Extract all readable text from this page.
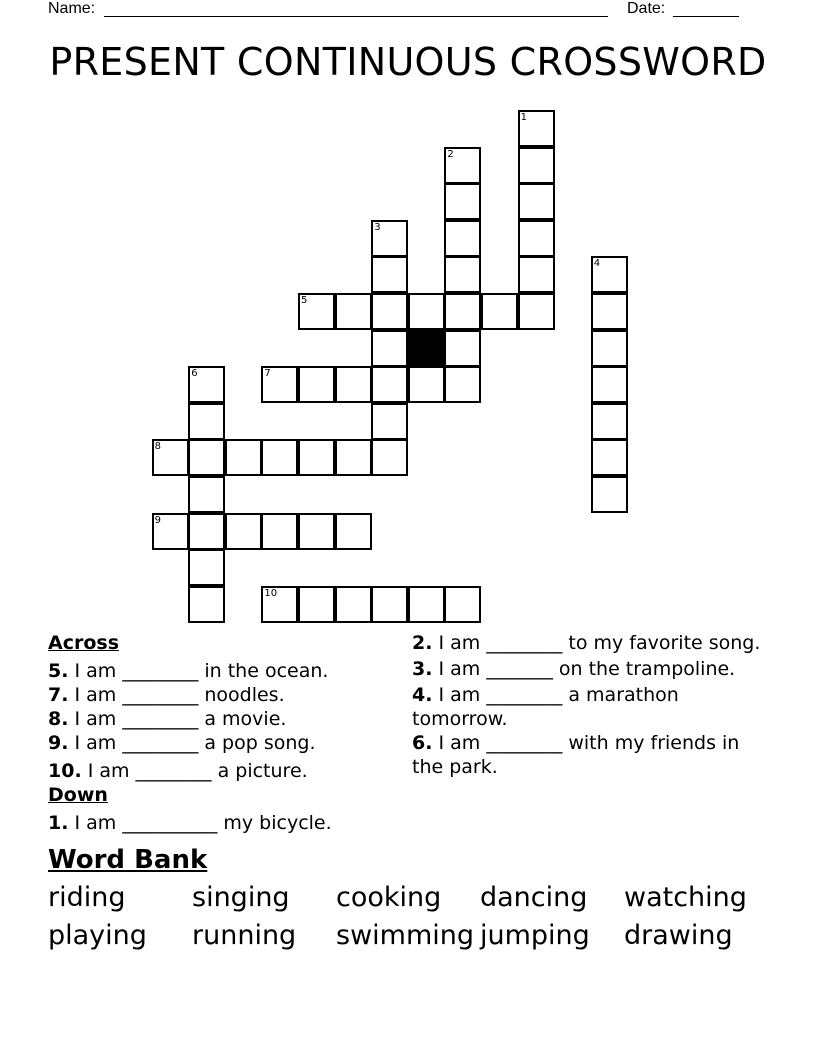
Name:	Date:
PRESENT CONTINUOUS CROSSWORD
1
2
3
4
5
6	7
8
9
10
Across
5. I am ________ in the ocean.
7. I am ________ noodles.
8. I am ________ a movie.
9. I am ________ a pop song.
10. I am ________ a picture.
Down
1. I am __________ my bicycle.
2. I am ________ to my favorite song.
3. I am _______ on the trampoline.
4. I am ________ a marathon tomorrow.
6. I am ________ with my friends in the park.
Word Bank
riding singing cooking dancing watching
playing running swimming jumping drawing
